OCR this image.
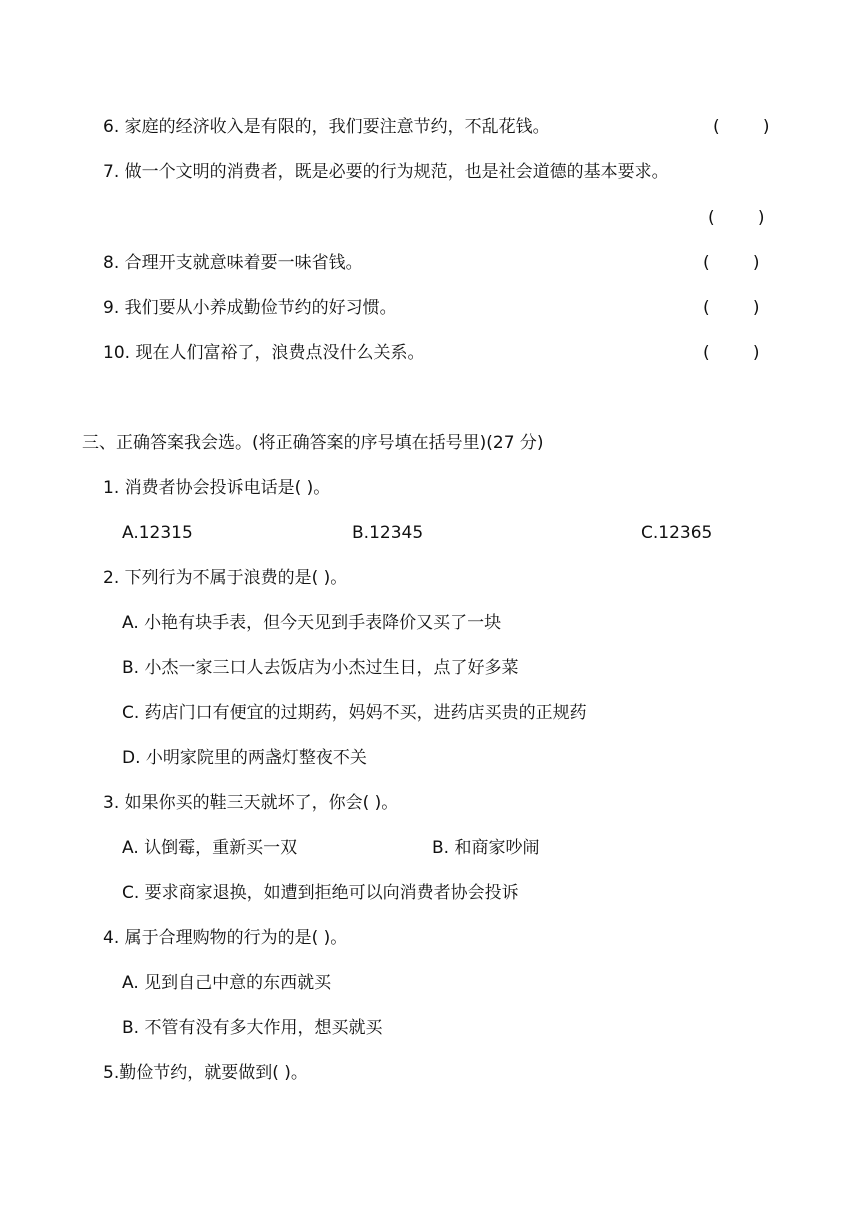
6. 家庭的经济收入是有限的，我们要注意节约，不乱花钱。	(        )
7. 做一个文明的消费者，既是必要的行为规范，也是社会道德的基本要求。
(        )
8. 合理开支就意味着要一味省钱。	(        )
9. 我们要从小养成勤俭节约的好习惯。	(        )
10. 现在人们富裕了，浪费点没什么关系。	(        )
三、正确答案我会选。(将正确答案的序号填在括号里)(27 分)
1. 消费者协会投诉电话是( )。
A.12315	B.12345	C.12365
2. 下列行为不属于浪费的是( )。
A. 小艳有块手表，但今天见到手表降价又买了一块
B. 小杰一家三口人去饭店为小杰过生日，点了好多菜
C. 药店门口有便宜的过期药，妈妈不买，进药店买贵的正规药
D. 小明家院里的两盏灯整夜不关
3. 如果你买的鞋三天就坏了，你会( )。
A. 认倒霉，重新买一双	B. 和商家吵闹
C. 要求商家退换，如遭到拒绝可以向消费者协会投诉
4. 属于合理购物的行为的是( )。
A. 见到自己中意的东西就买
B. 不管有没有多大作用，想买就买
5.勤俭节约，就要做到( )。
